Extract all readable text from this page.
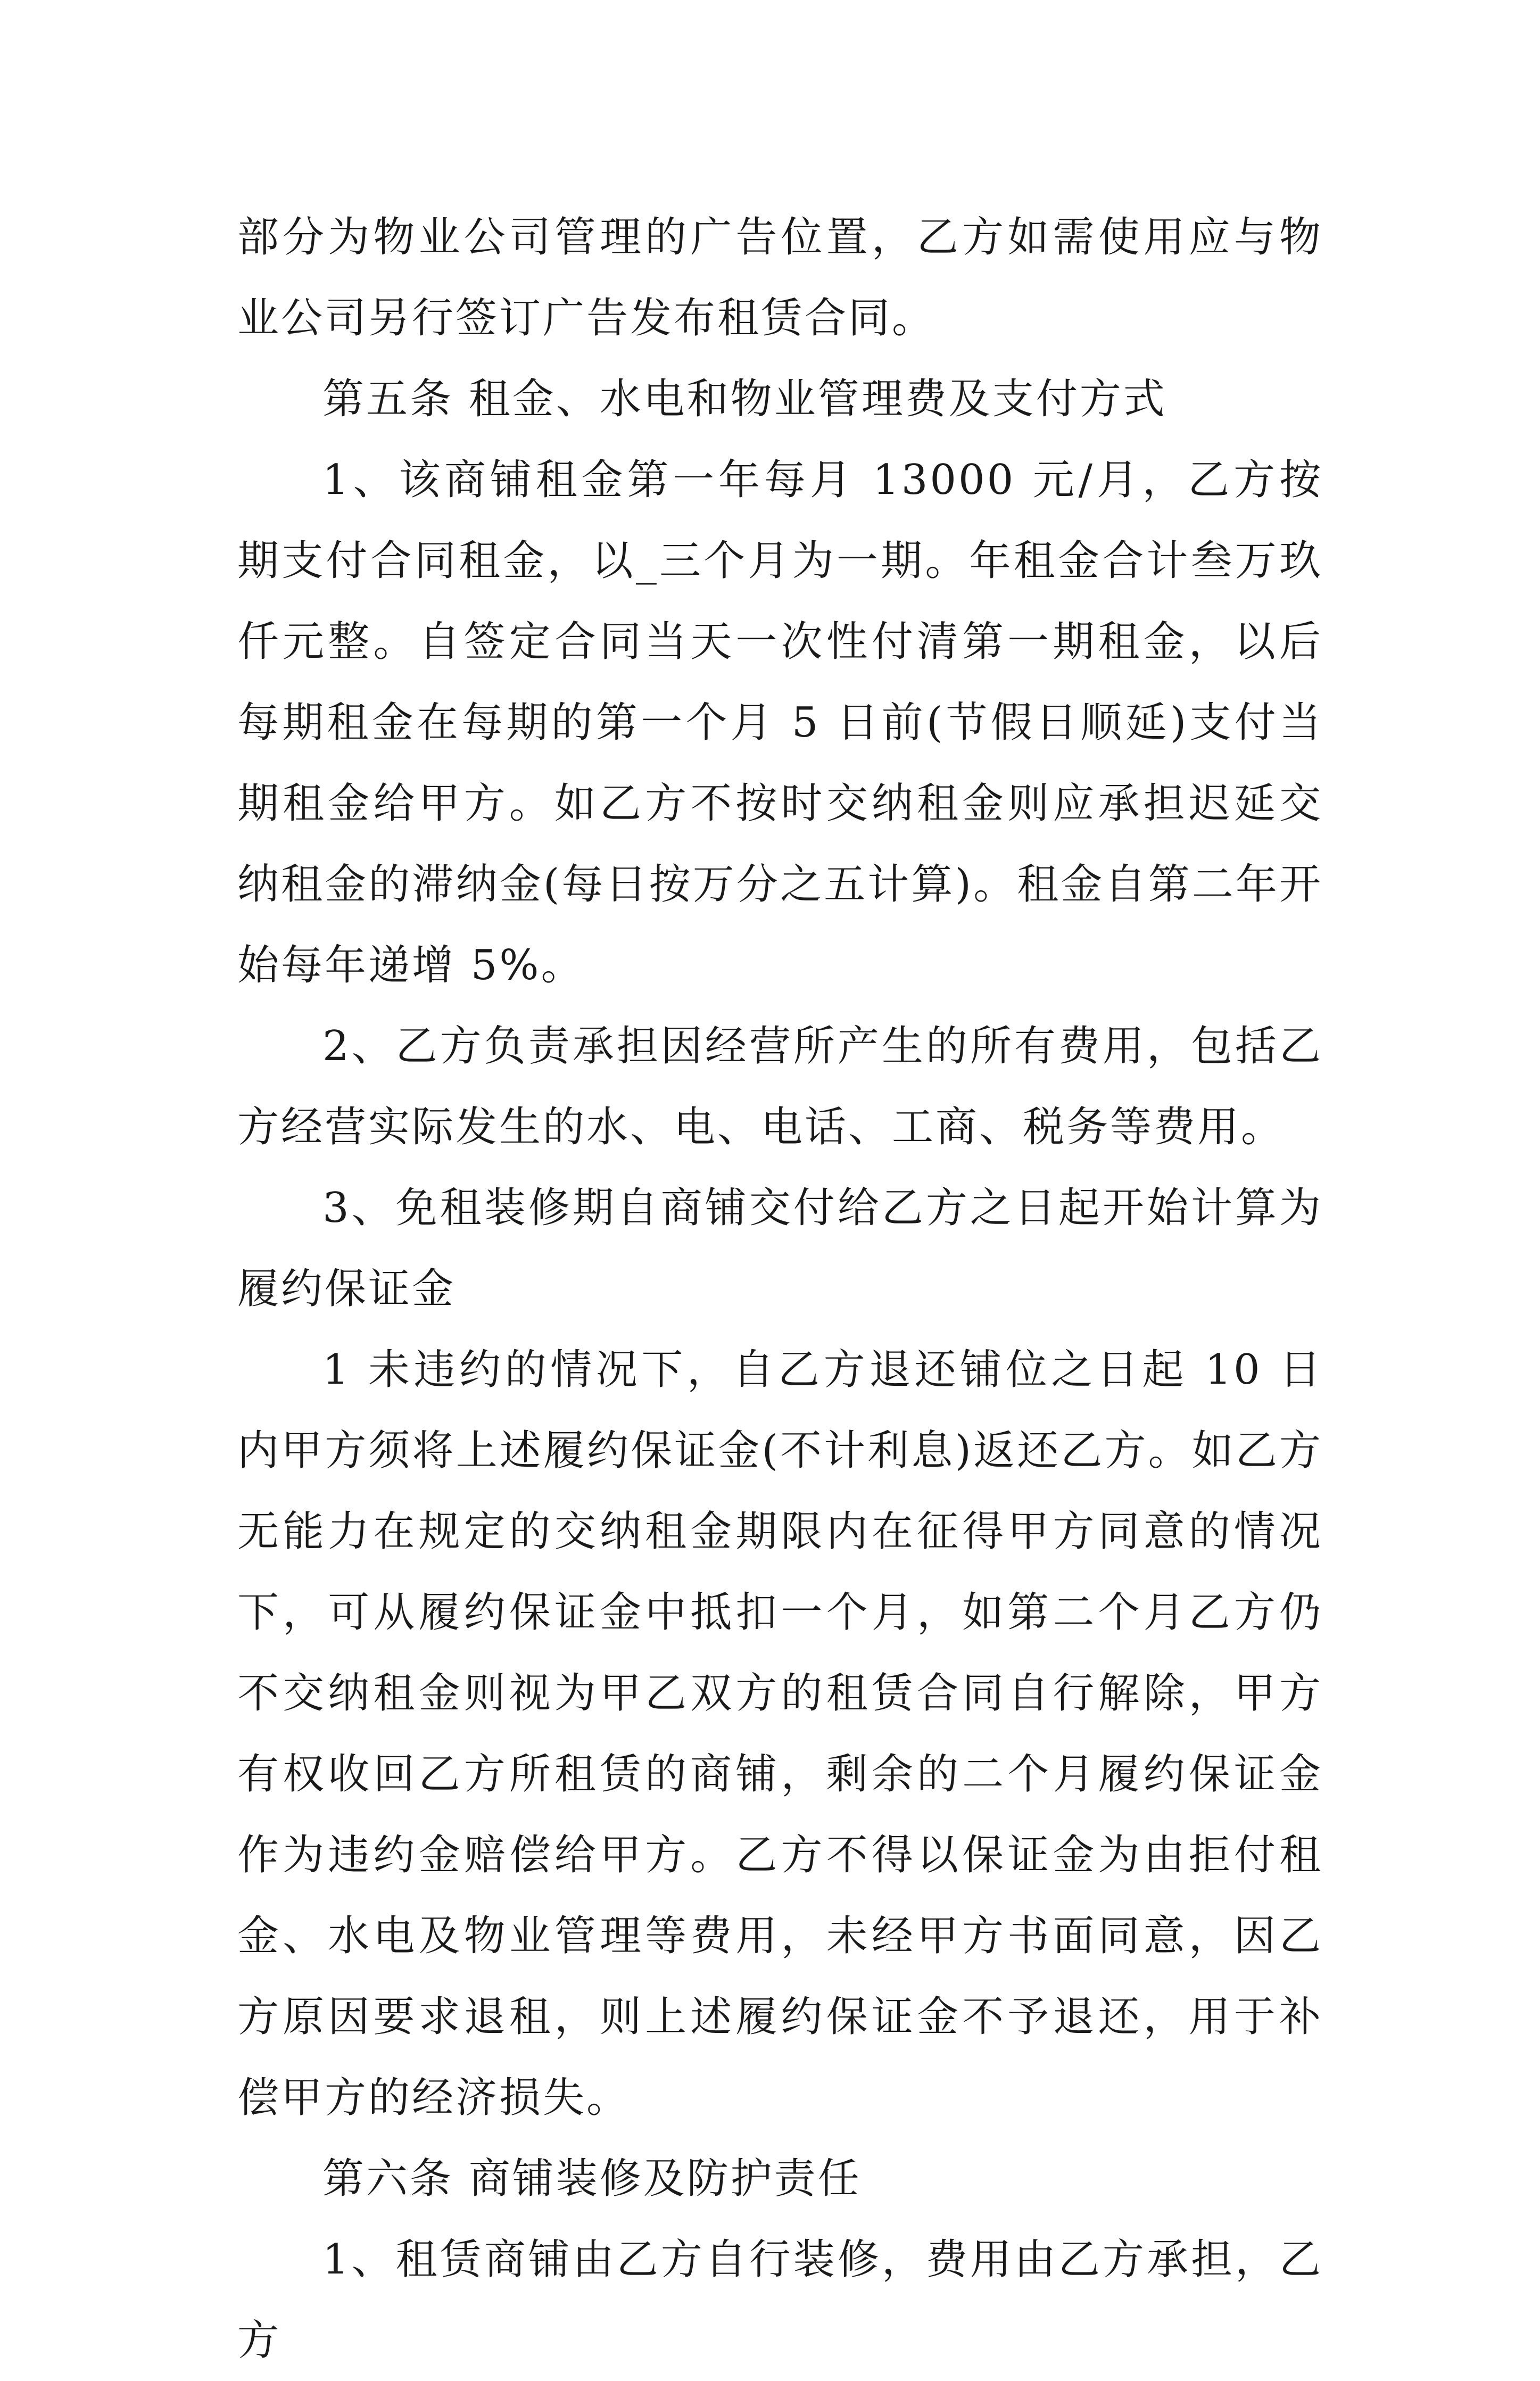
部分为物业公司管理的广告位置，乙方如需使用应与物业公司另行签订广告发布租赁合同。

第五条 租金、水电和物业管理费及支付方式

1、该商铺租金第一年每月 13000 元/月，乙方按期支付合同租金，以_三个月为一期。年租金合计叁万玖仟元整。自签定合同当天一次性付清第一期租金，以后每期租金在每期的第一个月 5 日前(节假日顺延)支付当期租金给甲方。如乙方不按时交纳租金则应承担迟延交纳租金的滞纳金(每日按万分之五计算)。租金自第二年开始每年递增 5%。

2、乙方负责承担因经营所产生的所有费用，包括乙方经营实际发生的水、电、电话、工商、税务等费用。

3、免租装修期自商铺交付给乙方之日起开始计算为履约保证金

1 未违约的情况下，自乙方退还铺位之日起 10 日内甲方须将上述履约保证金(不计利息)返还乙方。如乙方无能力在规定的交纳租金期限内在征得甲方同意的情况下，可从履约保证金中抵扣一个月，如第二个月乙方仍不交纳租金则视为甲乙双方的租赁合同自行解除，甲方有权收回乙方所租赁的商铺，剩余的二个月履约保证金作为违约金赔偿给甲方。乙方不得以保证金为由拒付租金、水电及物业管理等费用，未经甲方书面同意，因乙方原因要求退租，则上述履约保证金不予退还，用于补偿甲方的经济损失。

第六条 商铺装修及防护责任

1、租赁商铺由乙方自行装修，费用由乙方承担，乙方
